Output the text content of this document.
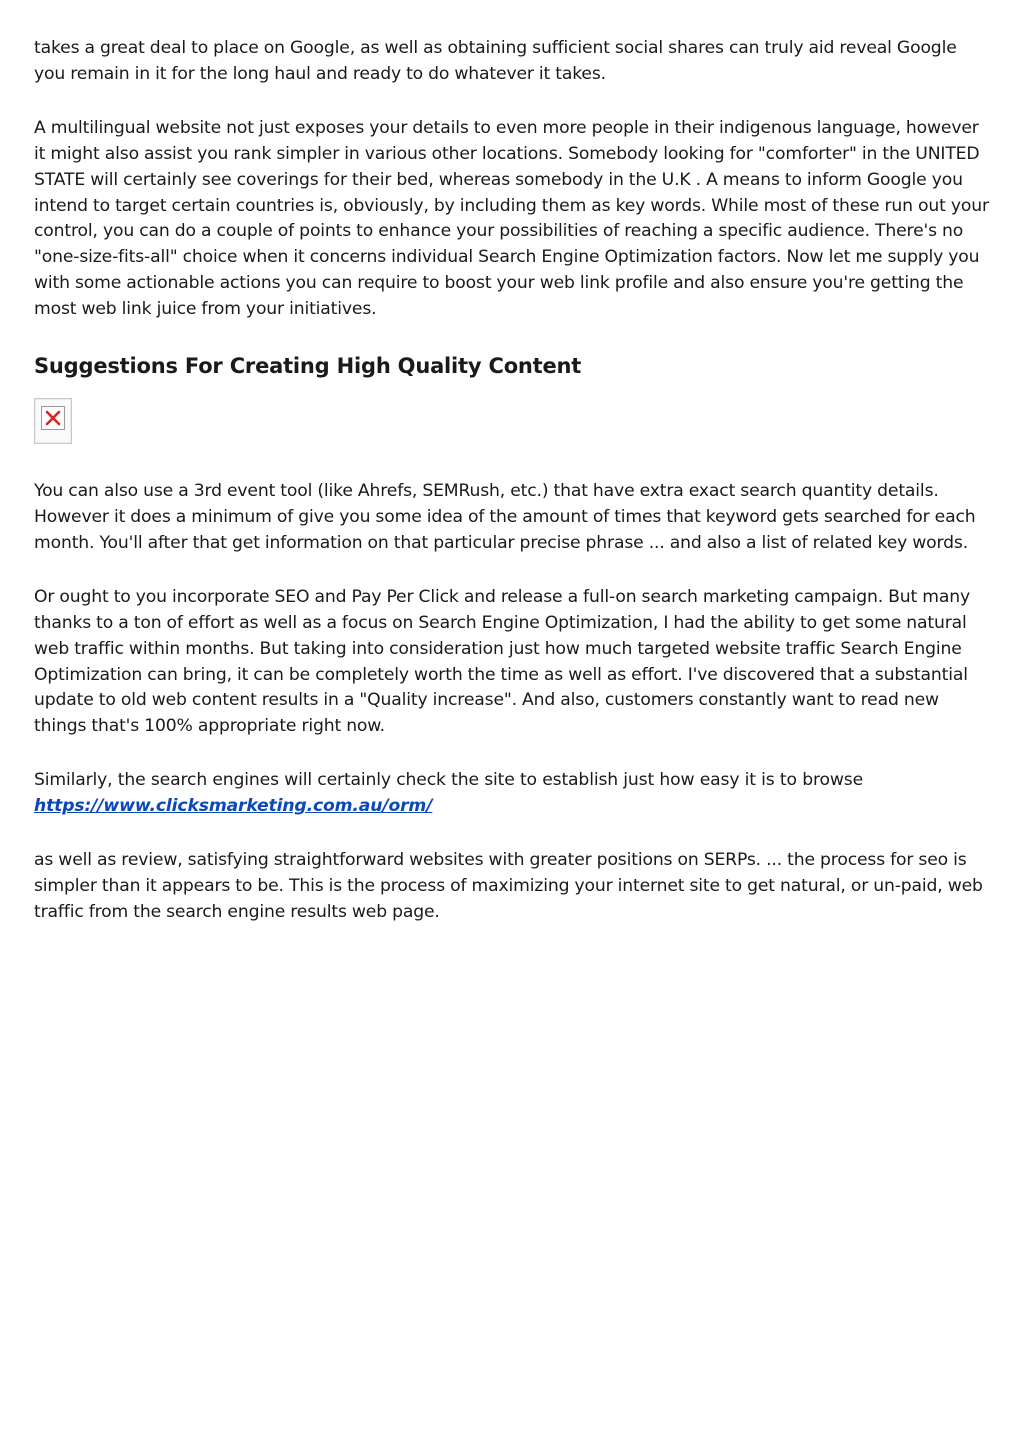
takes a great deal to place on Google, as well as obtaining sufficient social shares can truly aid reveal Google you remain in it for the long haul and ready to do whatever it takes.

A multilingual website not just exposes your details to even more people in their indigenous language, however it might also assist you rank simpler in various other locations. Somebody looking for "comforter" in the UNITED STATE will certainly see coverings for their bed, whereas somebody in the U.K . A means to inform Google you intend to target certain countries is, obviously, by including them as key words. While most of these run out your control, you can do a couple of points to enhance your possibilities of reaching a specific audience. There's no "one-size-fits-all" choice when it concerns individual Search Engine Optimization factors. Now let me supply you with some actionable actions you can require to boost your web link profile and also ensure you're getting the most web link juice from your initiatives.

Suggestions For Creating High Quality Content

You can also use a 3rd event tool (like Ahrefs, SEMRush, etc.) that have extra exact search quantity details. However it does a minimum of give you some idea of the amount of times that keyword gets searched for each month. You'll after that get information on that particular precise phrase ... and also a list of related key words.

Or ought to you incorporate SEO and Pay Per Click and release a full-on search marketing campaign. But many thanks to a ton of effort as well as a focus on Search Engine Optimization, I had the ability to get some natural web traffic within months. But taking into consideration just how much targeted website traffic Search Engine Optimization can bring, it can be completely worth the time as well as effort. I've discovered that a substantial update to old web content results in a "Quality increase". And also, customers constantly want to read new things that's 100% appropriate right now.

Similarly, the search engines will certainly check the site to establish just how easy it is to browse
https://www.clicksmarketing.com.au/orm/

as well as review, satisfying straightforward websites with greater positions on SERPs. ... the process for seo is simpler than it appears to be. This is the process of maximizing your internet site to get natural, or un-paid, web traffic from the search engine results web page.
